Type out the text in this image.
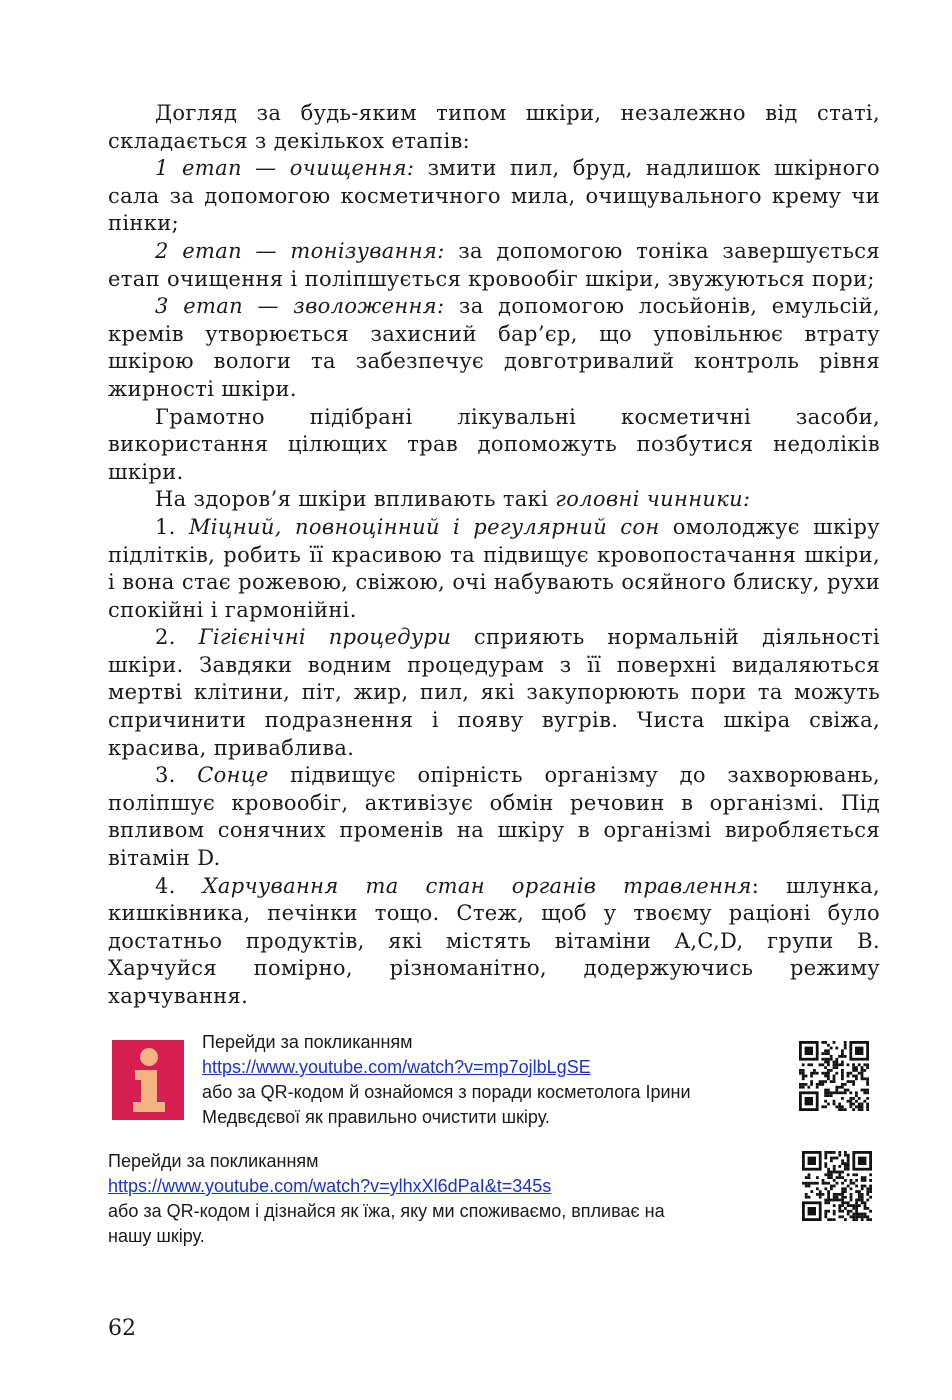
Догляд за будь-яким типом шкіри, незалежно від статі, складається з декількох етапів:

1 етап — очищення: змити пил, бруд, надлишок шкірного сала за допомогою косметичного мила, очищувального крему чи пінки;

2 етап — тонізування: за допомогою тоніка завершується етап очищення і поліпшується кровообіг шкіри, звужуються пори;

3 етап — зволоження: за допомогою лосьйонів, емульсій, кремів утворюється захисний бар’єр, що уповільнює втрату шкірою вологи та забезпечує довготривалий контроль рівня жирності шкіри.

Грамотно підібрані лікувальні косметичні засоби, використання цілющих трав допоможуть позбутися недоліків шкіри.

На здоров’я шкіри впливають такі головні чинники:

1. Міцний, повноцінний і регулярний сон омолоджує шкіру підлітків, робить її красивою та підвищує кровопостачання шкіри, і вона стає рожевою, свіжою, очі набувають осяйного блиску, рухи спокійні і гармонійні.

2. Гігієнічні процедури сприяють нормальній діяльності шкіри. Завдяки водним процедурам з її поверхні видаляються мертві клітини, піт, жир, пил, які закупорюють пори та можуть спричинити подразнення і появу вугрів. Чиста шкіра свіжа, красива, приваблива.

3. Сонце підвищує опірність організму до захворювань, поліпшує кровообіг, активізує обмін речовин в організмі. Під впливом сонячних променів на шкіру в організмі виробляється вітамін D.

4. Харчування та стан органів травлення: шлунка, кишківника, печінки тощо. Стеж, щоб у твоєму раціоні було достатньо продуктів, які містять вітаміни A,C,D, групи B. Харчуйся помірно, різноманітно, додержуючись режиму харчування.

Перейди за покликанням
https://www.youtube.com/watch?v=mp7ojlbLgSE
або за QR-кодом й ознайомся з поради косметолога Ірини
Медвєдєвої як правильно очистити шкіру.
Перейди за покликанням
https://www.youtube.com/watch?v=ylhxXl6dPaI&t=345s
або за QR-кодом і дізнайся як їжа, яку ми споживаємо, впливає на
нашу шкіру.
62
